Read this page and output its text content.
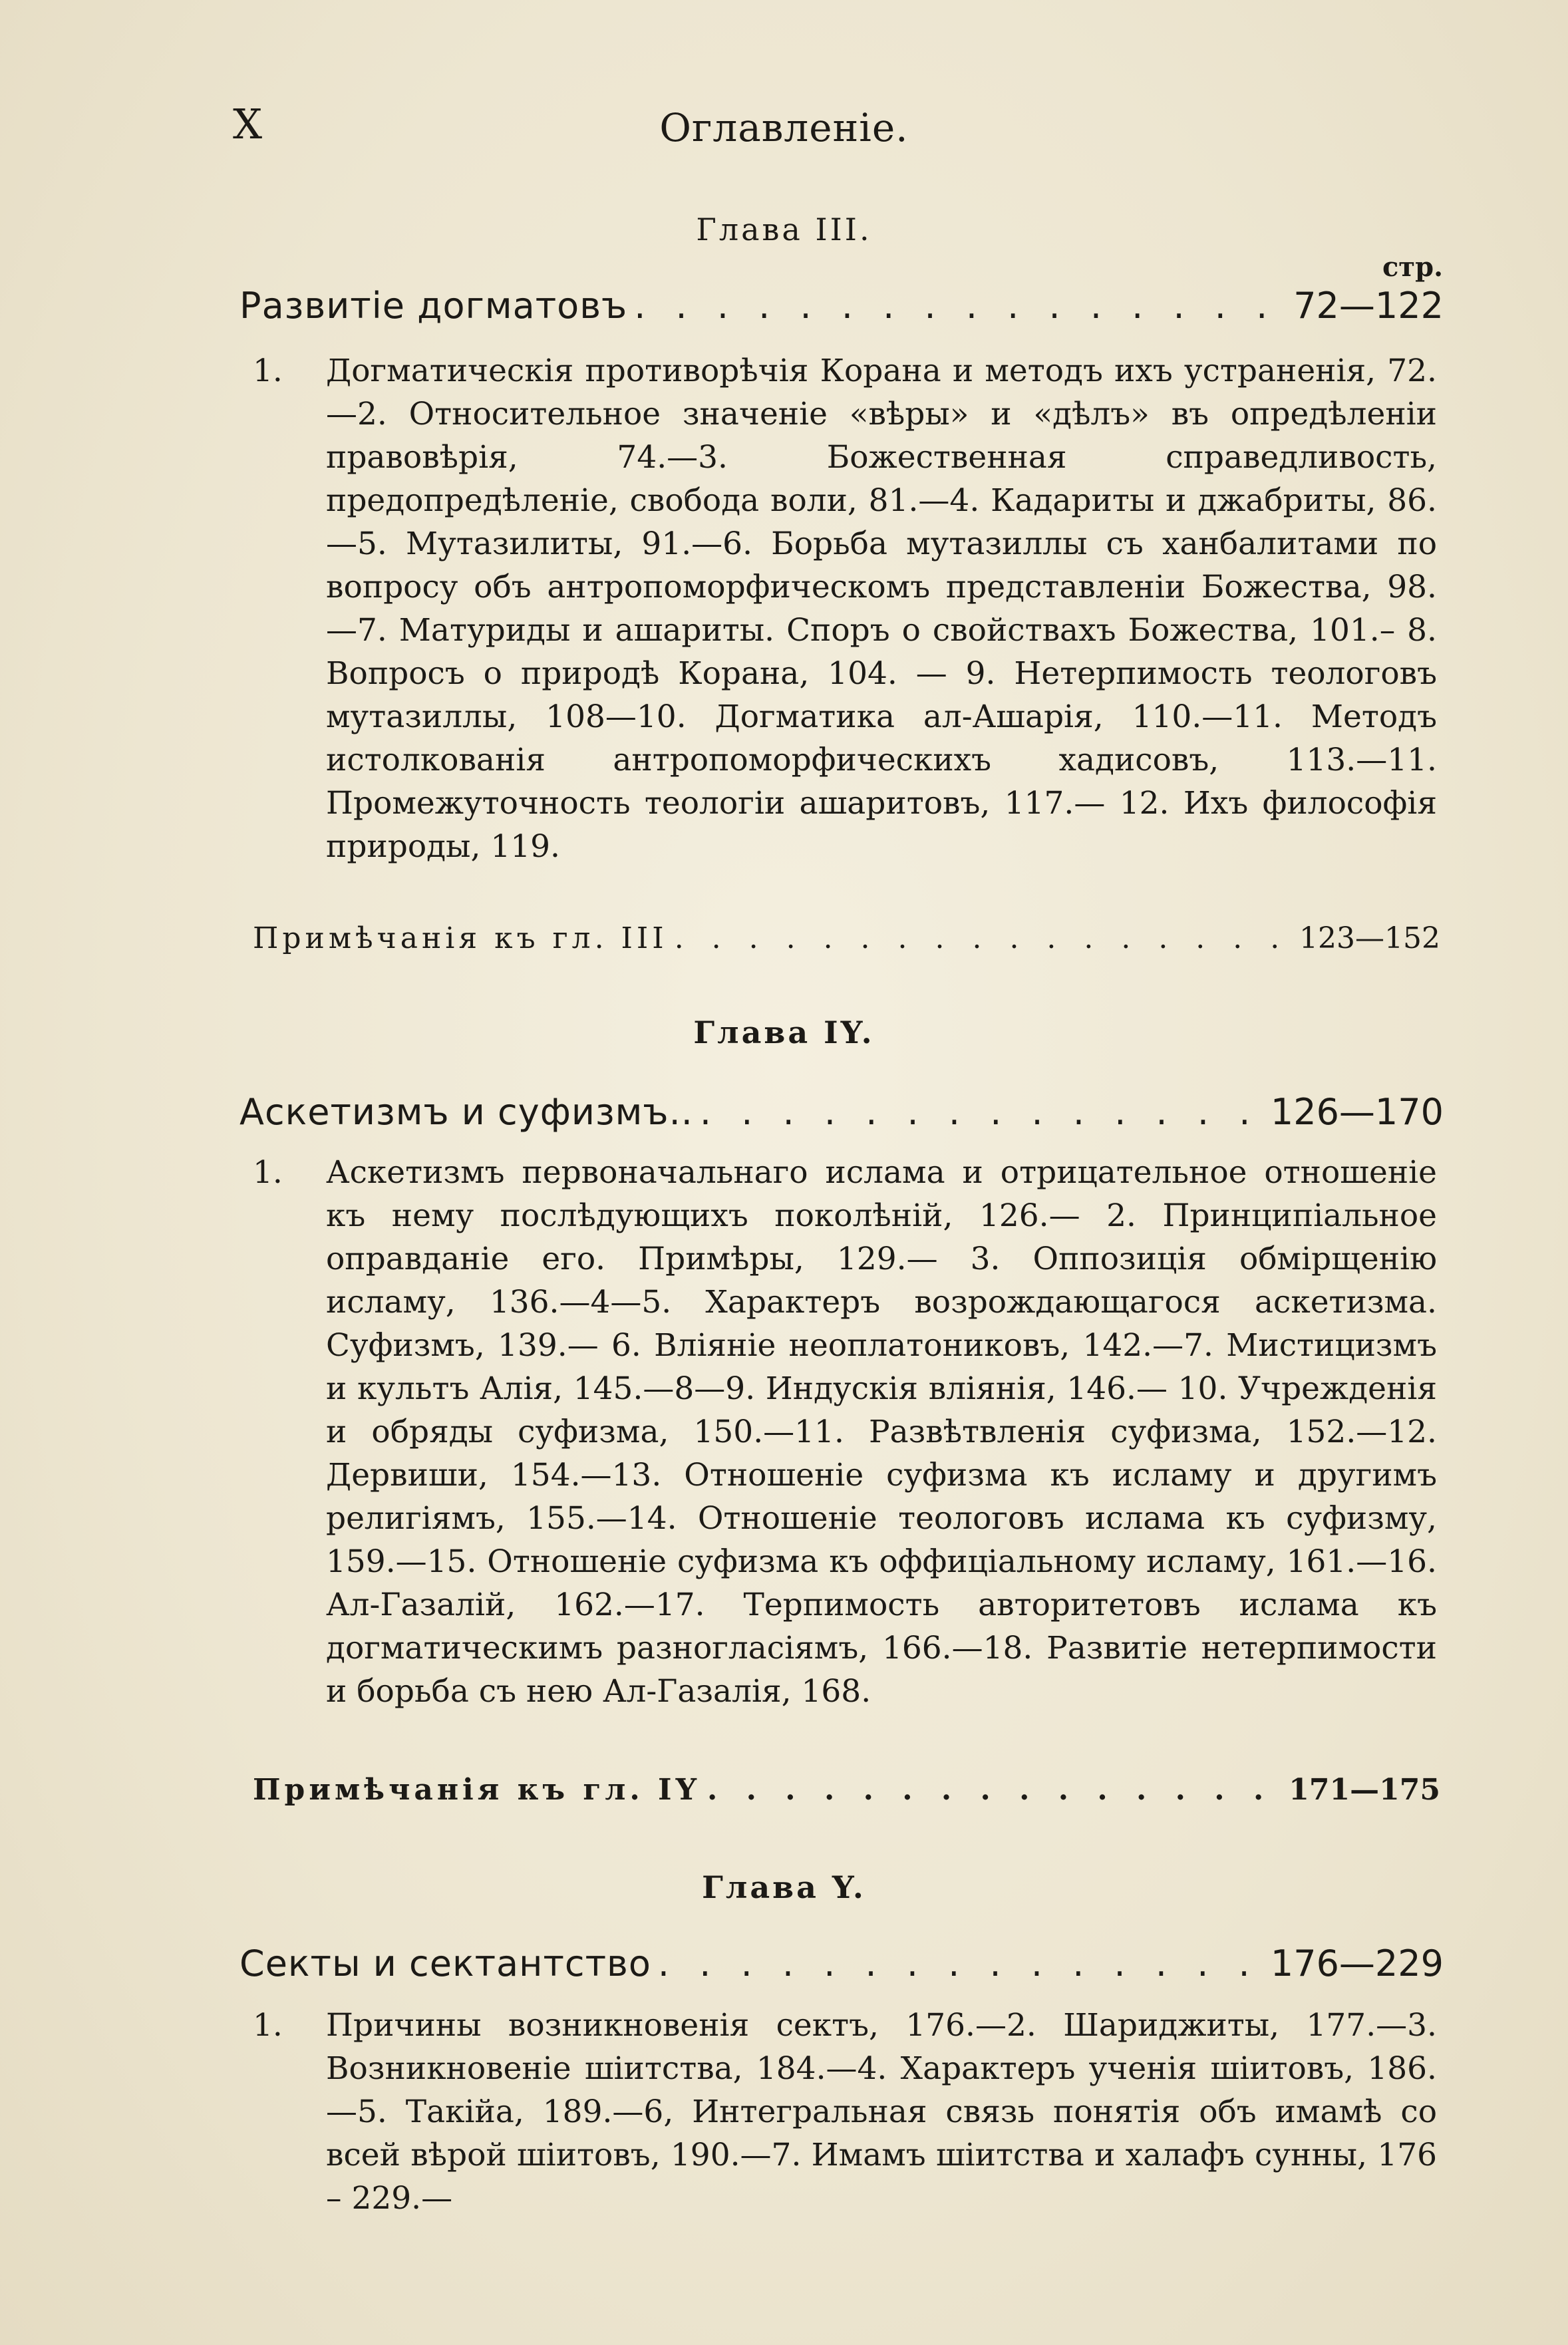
X	Оглавленiе.
Глава III.
стр.
Развитiе догматовъ . . .	72—122
1.	Догматическiя противорѣчiя Корана и методъ ихъ устраненiя, 72.—2. Относительное значенiе «вѣры» и «дѣлъ» въ опредѣленiи правовѣрiя, 74.—3. Божественная справедливость, предопредѣленiе, свобода воли, 81.—4. Кадариты и джабриты, 86.—5. Мутазилиты, 91.—6. Борьба мутазиллы съ ханбалитами по вопросу объ антропоморфическомъ представленiи Божества, 98.—7. Матуриды и ашариты. Споръ о свойствахъ Божества, 101.– 8. Вопросъ о природѣ Корана, 104. — 9. Нетерпимость теологовъ мутазиллы, 108—10. Догматика ал-Ашарiя, 110.—11. Методъ истолкованiя антропоморфическихъ хадисовъ, 113.—11. Промежуточность теологiи ашаритовъ, 117.— 12. Ихъ философiя природы, 119.
Примѣчанiя къ гл. III . . .	123—152
Глава IY.
Аскетизмъ и суфизмъ.. . . .	126—170
1.	Аскетизмъ первоначальнаго ислама и отрицательное отношенiе къ нему послѣдующихъ поколѣнiй, 126.— 2. Принципiальное оправданiе его. Примѣры, 129.— 3. Оппозицiя обмiрщенiю исламу, 136.—4—5. Характеръ возрождающагося аскетизма. Суфизмъ, 139.— 6. Влiянiе неоплатониковъ, 142.—7. Мистицизмъ и культъ Алiя, 145.—8—9. Индускiя влiянiя, 146.— 10. Учрежденiя и обряды суфизма, 150.—11. Развѣтвленiя суфизма, 152.—12. Дервиши, 154.—13. Отношенiе суфизма къ исламу и другимъ религiямъ, 155.—14. Отношенiе теологовъ ислама къ суфизму, 159.—15. Отношенiе суфизма къ оффицiальному исламу, 161.—16. Ал-Газалiй, 162.—17. Терпимость авторитетовъ ислама къ догматическимъ разногласiямъ, 166.—18. Развитiе нетерпимости и борьба съ нею Ал-Газалiя, 168.
Примѣчанiя къ гл. IY . . .	171—175
Глава Y.
Секты и сектантство . . .	176—229
1.	Причины возникновенiя сектъ, 176.—2. Шариджиты, 177.—3. Возникновенiе шiитства, 184.—4. Характеръ ученiя шiитовъ, 186.—5. Такiйа, 189.—6, Интегральная связь понятiя объ имамѣ со всей вѣрой шiитовъ, 190.—7. Имамъ шiитства и халафъ сунны, 176 – 229.—
